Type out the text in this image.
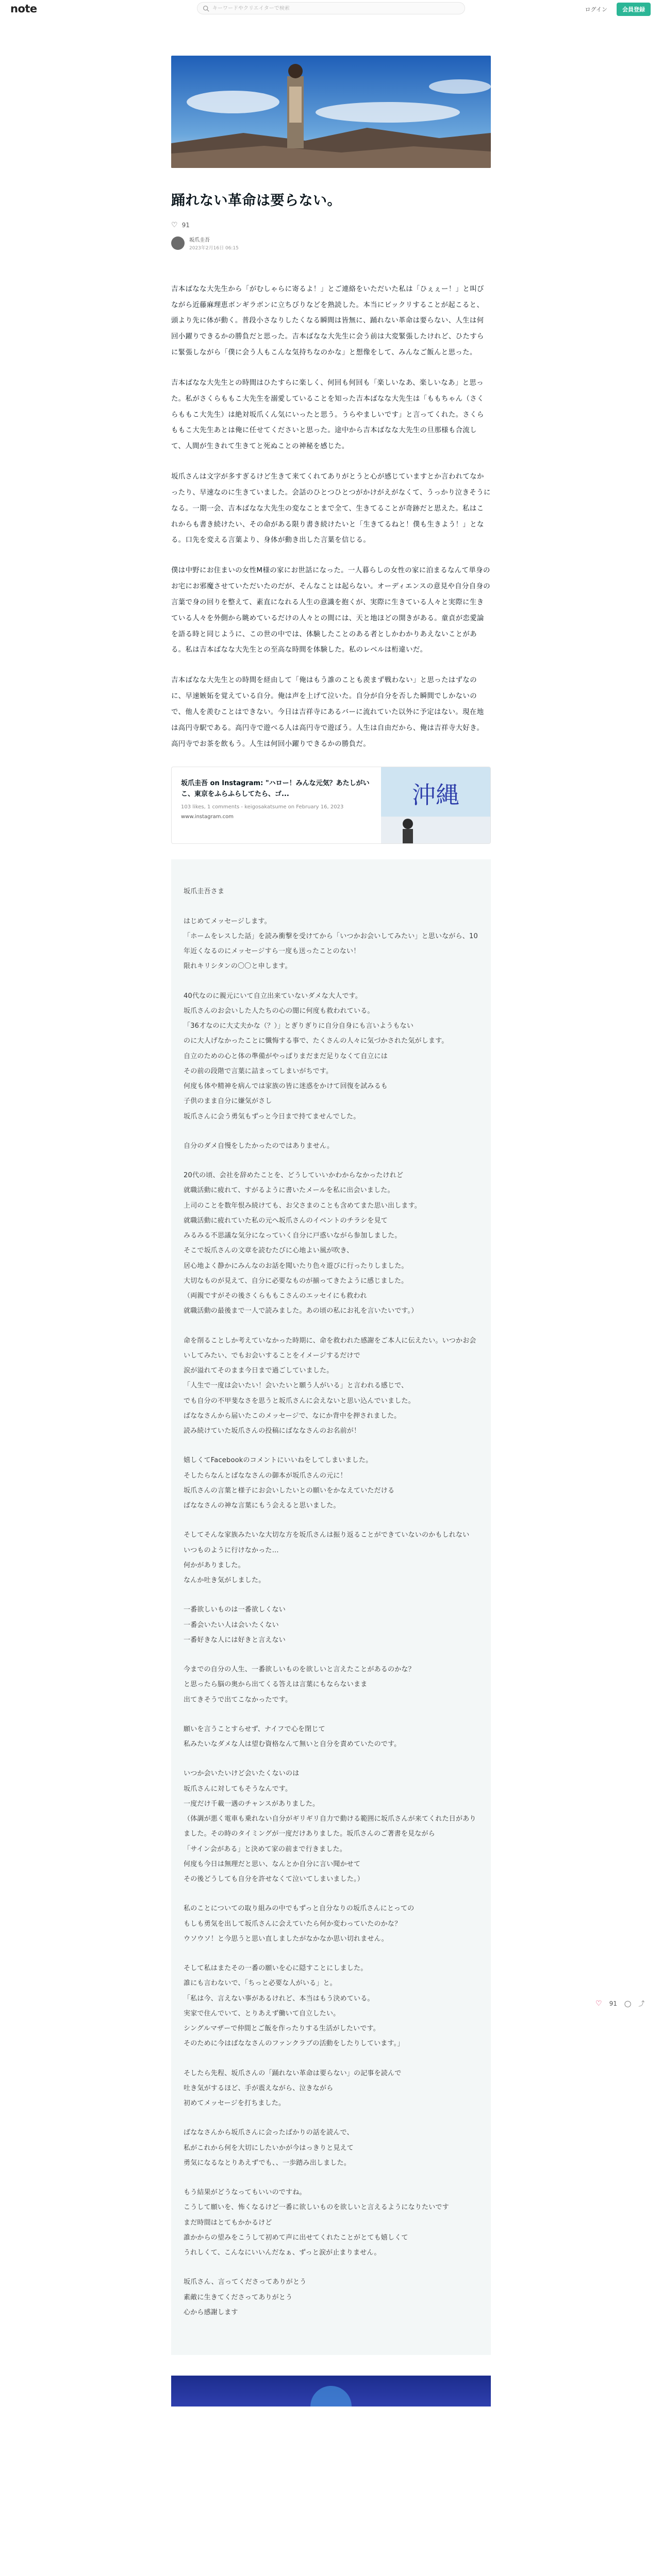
note
キーワードやクリエイターで検索	ログイン	会員登録
踊れない革命は要らない。
♡ 91
坂爪圭吾
2023年2月16日 06:15

吉本ばなな大先生から「がむしゃらに寄るよ！」とご連絡をいただいた私は「ひぇぇー！」と叫びながら近藤麻理恵ボンギラボンに立ちびりなどを熟読した。本当にビックリすることが起こると、頭より先に体が動く。普段小さなりしたくなる瞬間は皆無に、踊れない革命は要らない、人生は何回小躍りできるかの勝負だと思った。吉本ばなな大先生に会う前は大変緊張したけれど、ひたすらに緊張しながら「僕に会う人もこんな気持ちなのかな」と想像をして、みんなご飯んと思った。

吉本ばなな大先生との時間はひたすらに楽しく、何回も何回も「楽しいなあ、楽しいなあ」と思った。私がさくらももこ大先生を溺愛していることを知った吉本ばなな大先生は「ももちゃん（さくらももこ大先生）は絶対坂爪くん気にいったと思う。うらやましいです」と言ってくれた。さくらももこ大先生あとは俺に任せてくださいと思った。途中から吉本ばなな大先生の旦那様も合流して、人間が生きれて生きてと死ぬことの神秘を感じた。

坂爪さんは文字が多すぎるけど生きて来てくれてありがとうと心が感じていますとか言われてなかったり、早速なのに生きていました。会話のひとつひとつがかけがえがなくて、うっかり泣きそうになる。一期一会、吉本ばなな大先生の変なことまで全て、生きてることが奇跡だと思えた。私はこれからも書き続けたい、その命がある限り書き続けたいと「生きてるねと！僕も生きよう！」となる。口先を変える言葉より、身体が動き出した言葉を信じる。

僕は中野にお住まいの女性M様の家にお世話になった。一人暮らしの女性の家に泊まるなんて単身のお宅にお邪魔させていただいたのだが、そんなことは起らない。オーディエンスの意見や自分自身の言葉で身の回りを整えて、素直になれる人生の意識を抱くが、実際に生きている人々と実際に生きている人々を外側から眺めているだけの人々との間には、天と地ほどの開きがある。童貞が恋愛論を語る時と同じように、この世の中では、体験したことのある者としかわかりあえないことがある。私は吉本ばなな大先生との至高な時間を体験した。私のレベルは桁違いだ。

吉本ばなな大先生との時間を経由して「俺はもう誰のことも羨まず戦わない」と思ったはずなのに、早速嫉妬を覚えている自分。俺は声を上げて泣いた。自分が自分を否した瞬間でしかないので、他人を羨むことはできない。今日は吉祥寺にあるバーに流れていた以外に予定はない。現在地は高円寺駅である。高円寺で遊べる人は高円寺で遊ぼう。人生は自由だから、俺は吉祥寺大好き。高円寺でお茶を飲もう。人生は何回小躍りできるかの勝負だ。

坂爪圭吾 on Instagram: "ハロー！みんな元気？あたしがいこ、東京をふらふらしてたら、ゴ...
103 likes, 1 comments - keigosakatsume on February 16, 2023
www.instagram.com
沖縄

坂爪圭吾さま

はじめてメッセージします。
「ホームをレスした話」を読み衝撃を受けてから「いつかお会いしてみたい」と思いながら、10年近くなるのにメッセージすら一度も送ったことのない！
限れキリシタンの〇〇と申します。

40代なのに親元にいて自立出来ていないダメな大人です。
坂爪さんのお会いした人たちの心の闇に何度も救われている。
「36才なのに大丈夫かな（？）」とぎりぎりに自分自身にも言いようもない
のに大人げなかったことに懺悔する事で、たくさんの人々に気づかされた気がします。
自立のための心と体の準備がやっぱりまだまだ足りなくて自立には
その前の段階で言葉に詰まってしまいがちです。
何度も体や精神を病んでは家族の皆に迷惑をかけて回復を試みるも
子供のまま自分に嫌気がさし
坂爪さんに会う勇気もずっと今日まで持てませんでした。

自分のダメ自慢をしたかったのではありません。

20代の頃、会社を辞めたことを、どうしていいかわからなかったけれど
就職活動に疲れて、すがるように書いたメールを私に出会いました。
上司のことを数年恨み続けても、お父さまのことも含めてまた思い出します。
就職活動に疲れていた私の元へ坂爪さんのイベントのチラシを見て
みるみる不思議な気分になっていく自分に戸惑いながら参加しました。
そこで坂爪さんの文章を読むたびに心地よい風が吹き、
居心地よく静かにみんなのお話を聞いたり色々遊びに行ったりしました。
大切なものが見えて、自分に必要なものが揃ってきたように感じました。
（両親ですがその後さくらももこさんのエッセイにも救われ
就職活動の最後まで一人で読みました。あの頃の私にお礼を言いたいです。）

命を削ることしか考えていなかった時期に、命を救われた感謝をご本人に伝えたい。いつかお会いしてみたい、でもお会いすることをイメージするだけで
涙が溢れてそのまま今日まで過ごしていました。
「人生で一度は会いたい！会いたいと願う人がいる」と言われる感じで、
でも自分の不甲斐なさを思うと坂爪さんに会えないと思い込んでいました。
ばななさんから届いたこのメッセージで、なにか背中を押されました。
読み続けていた坂爪さんの投稿にばななさんのお名前が！

嬉しくてFacebookのコメントにいいねをしてしまいました。
そしたらなんとばななさんの御本が坂爪さんの元に！
坂爪さんの言葉と様子にお会いしたいとの願いをかなえていただける
ばななさんの神な言葉にもう会えると思いました。

そしてそんな家族みたいな大切な方を坂爪さんは振り返ることができていないのかもしれない
いつものように行けなかった…
何かがありました。
なんか吐き気がしました。

一番欲しいものは一番欲しくない
一番会いたい人は会いたくない
一番好きな人には好きと言えない

今までの自分の人生、一番欲しいものを欲しいと言えたことがあるのかな？
と思ったら脳の奥から出てくる答えは言葉にもならないまま
出てきそうで出てこなかったです。

願いを言うことすらせず、ナイフで心を閉じて
私みたいなダメな人は望む資格なんて無いと自分を責めていたのです。

いつか会いたいけど会いたくないのは
坂爪さんに対してもそうなんです。
一度だけ千載一遇のチャンスがありました。
（体調が悪く電車も乗れない自分がギリギリ自力で動ける範囲に坂爪さんが来てくれた日がありました。その時のタイミングが一度だけありました。坂爪さんのご著書を見ながら
「サイン会がある」と決めて家の前まで行きました。
何度も今日は無理だと思い、なんとか自分に言い聞かせて
その後どうしても自分を許せなくて泣いてしまいました。）

私のことについての取り組みの中でもずっと自分なりの坂爪さんにとっての
もしも勇気を出して坂爪さんに会えていたら何か変わっていたのかな？
ウソウソ！と今思うと思い直しましたがなかなか思い切れません。

そして私はまたその一番の願いを心に隠すことにしました。
誰にも言わないで、「ちっと必要な人がいる」と。
「私は今、言えない事があるけれど、本当はもう決めている。
実家で住んでいて、とりあえず働いて自立したい。
シングルマザーで仲間とご飯を作ったりする生活がしたいです。
そのために今はばななさんのファンクラブの活動をしたりしています。」

そしたら先程、坂爪さんの「踊れない革命は要らない」の記事を読んで
吐き気がするほど、手が震えながら、泣きながら
初めてメッセージを打ちました。

ばななさんから坂爪さんに会ったばかりの話を読んで、
私がこれから何を大切にしたいかが今はっきりと見えて
勇気になるなとりあえずでも、、一歩踏み出しました。

もう結果がどうなってもいいのですね。
こうして願いを、怖くなるけど一番に欲しいものを欲しいと言えるようになりたいです
まだ時間はとてもかかるけど
誰かからの望みをこうして初めて声に出せてくれたことがとても嬉しくて
うれしくて、こんなにいいんだなぁ、ずっと涙が止まりません。

坂爪さん、言ってくださってありがとう
素敵に生きてくださってありがとう
心から感謝します

♡ 91 ◯ ⤴
